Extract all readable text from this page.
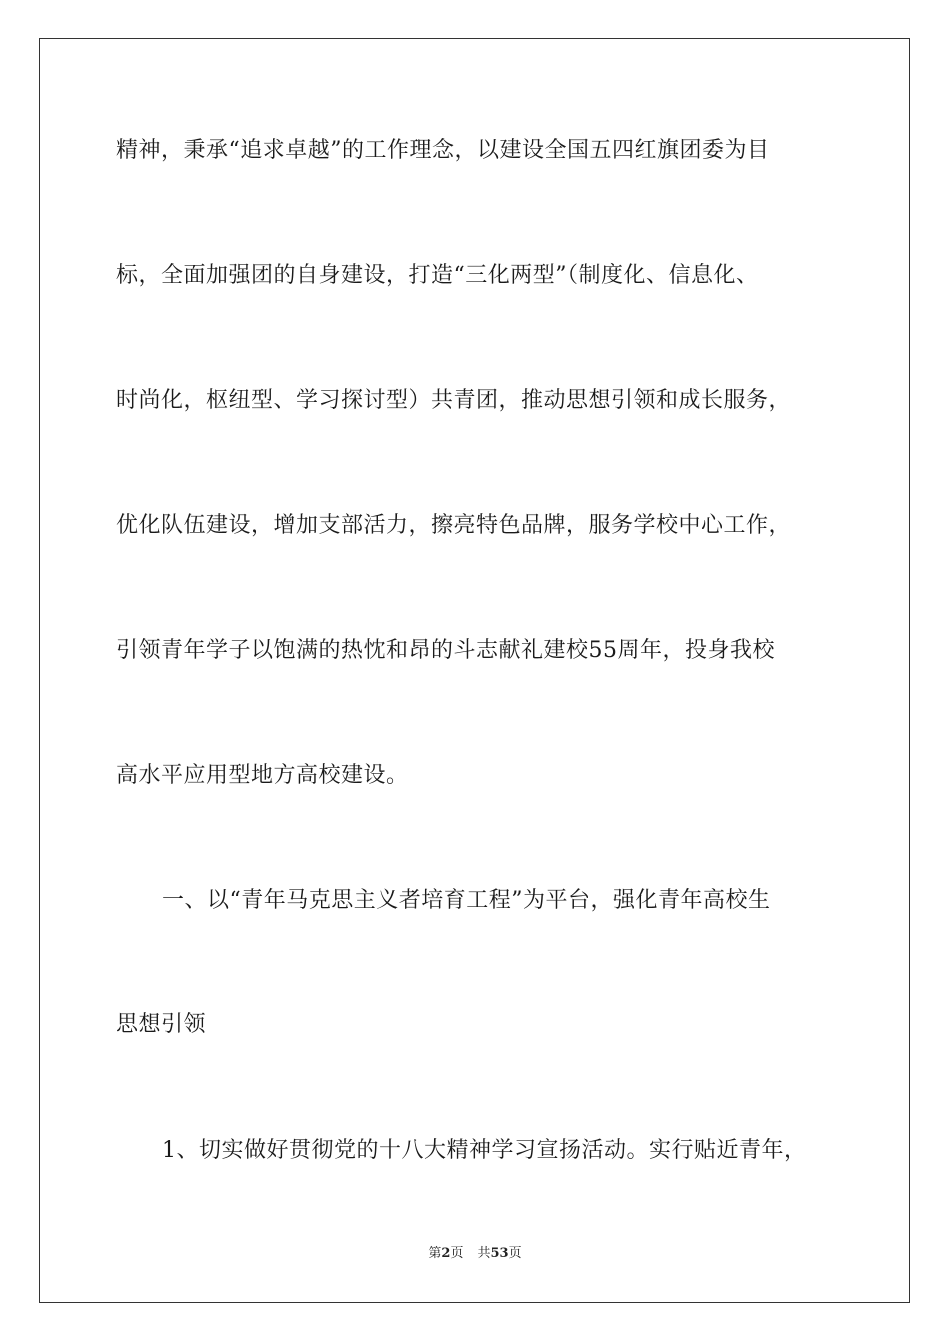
精神，秉承“追求卓越”的工作理念，以建设全国五四红旗团委为目
标，全面加强团的自身建设，打造“三化两型”（制度化、信息化、
时尚化，枢纽型、学习探讨型）共青团，推动思想引领和成长服务，
优化队伍建设，增加支部活力，擦亮特色品牌，服务学校中心工作，
引领青年学子以饱满的热忱和昂的斗志献礼建校55周年，投身我校
高水平应用型地方高校建设。
一、以“青年马克思主义者培育工程”为平台，强化青年高校生
思想引领
1、切实做好贯彻党的十八大精神学习宣扬活动。实行贴近青年，
第2页 共53页
